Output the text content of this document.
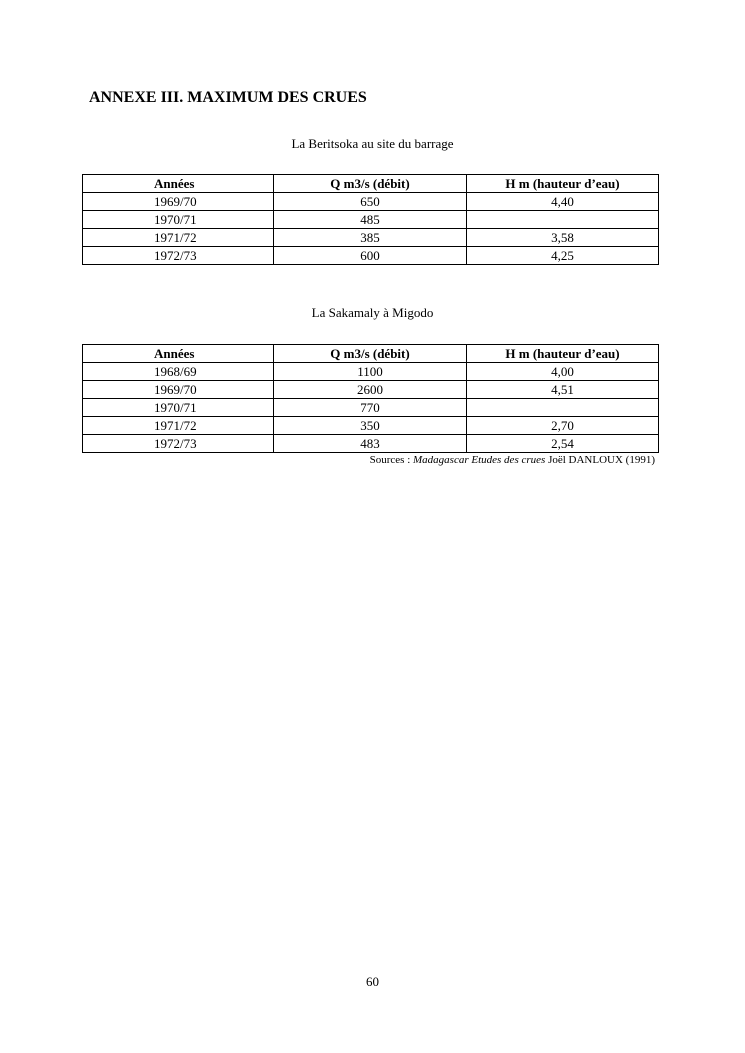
ANNEXE III. MAXIMUM DES CRUES
La Beritsoka au site du barrage
Années	Q m3/s (débit)	H m (hauteur d’eau)
1969/70	650	4,40
1970/71	485	
1971/72	385	3,58
1972/73	600	4,25
La Sakamaly à Migodo
Années	Q m3/s (débit)	H m (hauteur d’eau)
1968/69	1100	4,00
1969/70	2600	4,51
1970/71	770	
1971/72	350	2,70
1972/73	483	2,54
Sources : Madagascar Etudes des crues Joël DANLOUX (1991)
60
